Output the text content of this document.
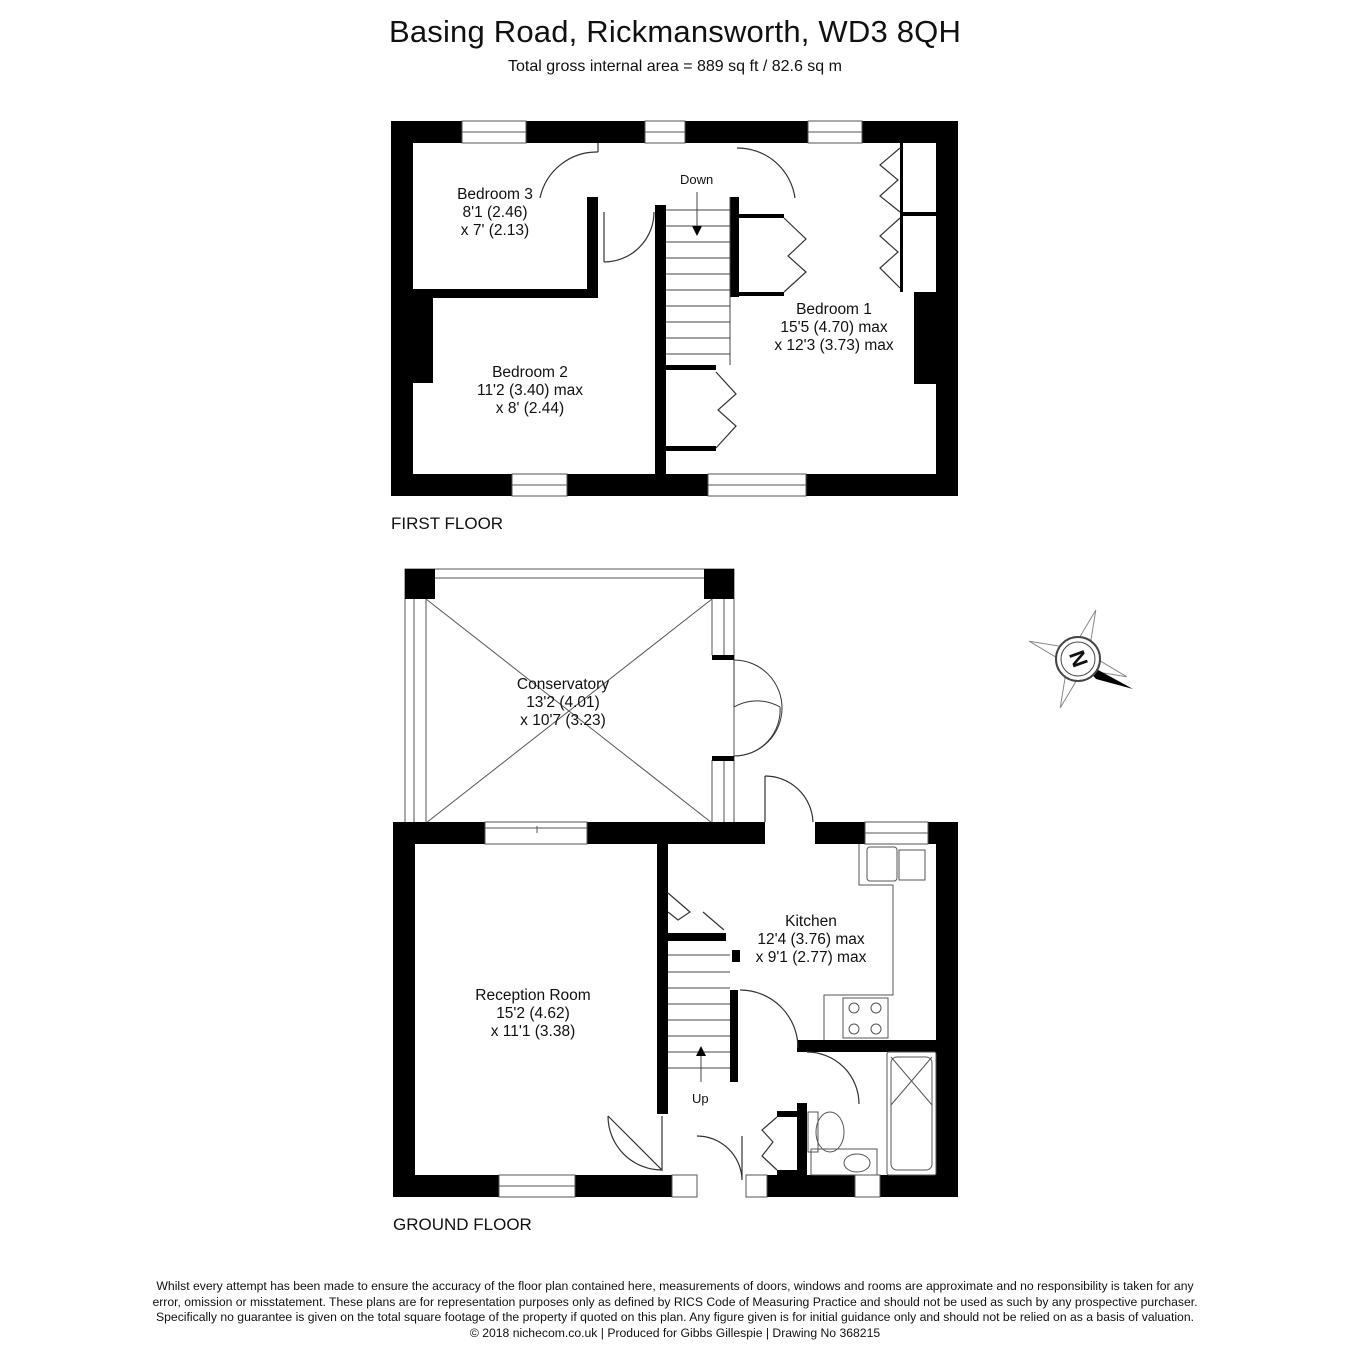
Basing Road, Rickmansworth, WD3 8QH
Total gross internal area = 889 sq ft / 82.6 sq m
N
FIRST FLOOR
GROUND FLOOR
Down
Up
Bedroom 3
8'1 (2.46)
x 7' (2.13)
Bedroom 2
11'2 (3.40) max
x 8' (2.44)
Bedroom 1
15'5 (4.70) max
x 12'3 (3.73) max
Conservatory
13'2 (4.01)
x 10'7 (3.23)
Kitchen
12'4 (3.76) max
x 9'1 (2.77) max
Reception Room
15'2 (4.62)
x 11'1 (3.38)
Whilst every attempt has been made to ensure the accuracy of the floor plan contained here, measurements of doors, windows and rooms are approximate and no responsibility is taken for any
error, omission or misstatement. These plans are for representation purposes only as defined by RICS Code of Measuring Practice and should not be used as such by any prospective purchaser.
Specifically no guarantee is given on the total square footage of the property if quoted on this plan. Any figure given is for initial guidance only and should not be relied on as a basis of valuation.
© 2018 nichecom.co.uk | Produced for Gibbs Gillespie | Drawing No 368215
